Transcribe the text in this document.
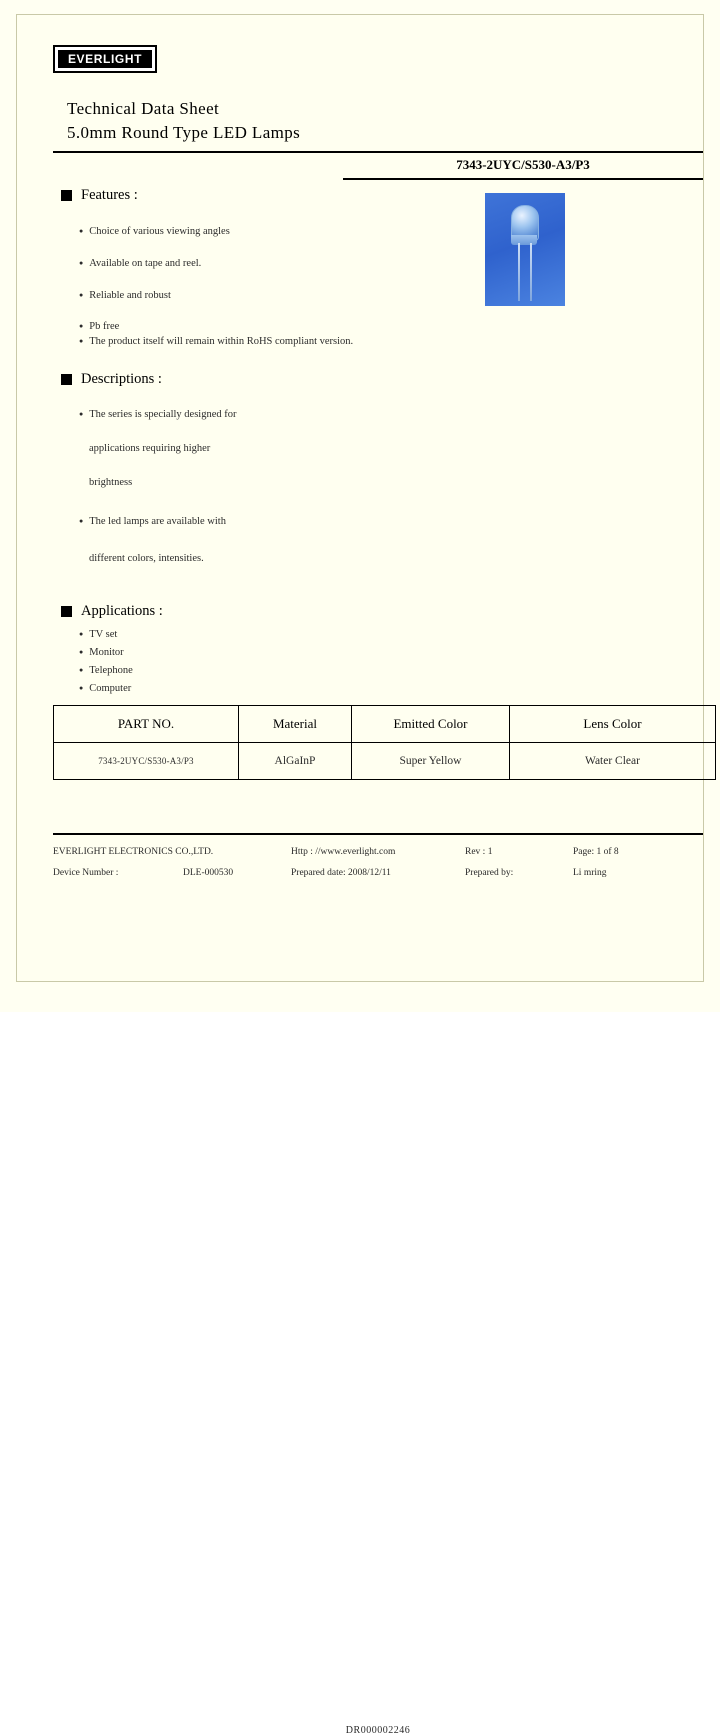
EVERLIGHT
Technical Data Sheet
5.0mm Round Type LED Lamps
7343-2UYC/S530-A3/P3
Features :
● Choice of various viewing angles
● Available on tape and reel.
● Reliable and robust
● Pb free
● The product itself will remain within RoHS compliant version.
Descriptions :
● The series is specially designed for
applications requiring higher
brightness
● The led lamps are available with
different colors, intensities.
Applications :
● TV set
● Monitor
● Telephone
● Computer
PART NO.	Material	Emitted Color	Lens Color
7343-2UYC/S530-A3/P3	AlGaInP	Super Yellow	Water Clear
EVERLIGHT ELECTRONICS CO.,LTD.	Http : //www.everlight.com	Rev : 1	Page: 1 of 8
Device Number :	DLE-000530	Prepared date: 2008/12/11	Prepared by:	Li mring
DR000002246
